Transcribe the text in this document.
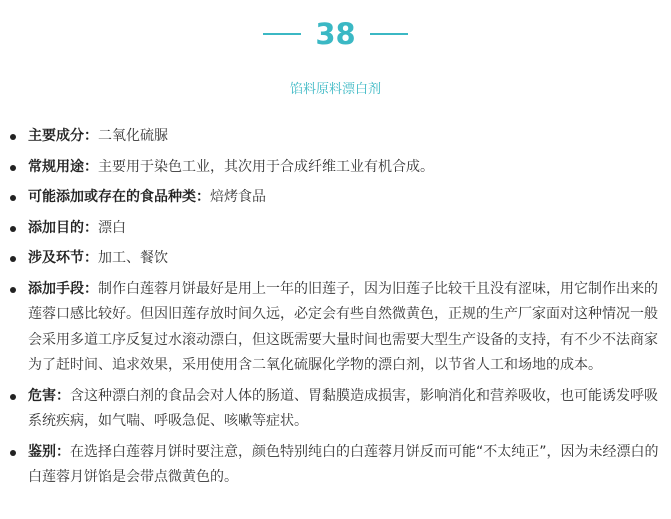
38
馅料原料漂白剂
主要成分：二氧化硫脲
常规用途：主要用于染色工业，其次用于合成纤维工业有机合成。
可能添加或存在的食品种类：焙烤食品
添加目的：漂白
涉及环节：加工、餐饮
添加手段：制作白莲蓉月饼最好是用上一年的旧莲子，因为旧莲子比较干且没有涩味，用它制作出来的莲蓉口感比较好。但因旧莲存放时间久远，必定会有些自然微黄色，正规的生产厂家面对这种情况一般会采用多道工序反复过水滚动漂白，但这既需要大量时间也需要大型生产设备的支持，有不少不法商家为了赶时间、追求效果，采用使用含二氧化硫脲化学物的漂白剂，以节省人工和场地的成本。
危害：含这种漂白剂的食品会对人体的肠道、胃黏膜造成损害，影响消化和营养吸收，也可能诱发呼吸系统疾病，如气喘、呼吸急促、咳嗽等症状。
鉴别：在选择白莲蓉月饼时要注意，颜色特别纯白的白莲蓉月饼反而可能“不太纯正”，因为未经漂白的白莲蓉月饼馅是会带点微黄色的。
